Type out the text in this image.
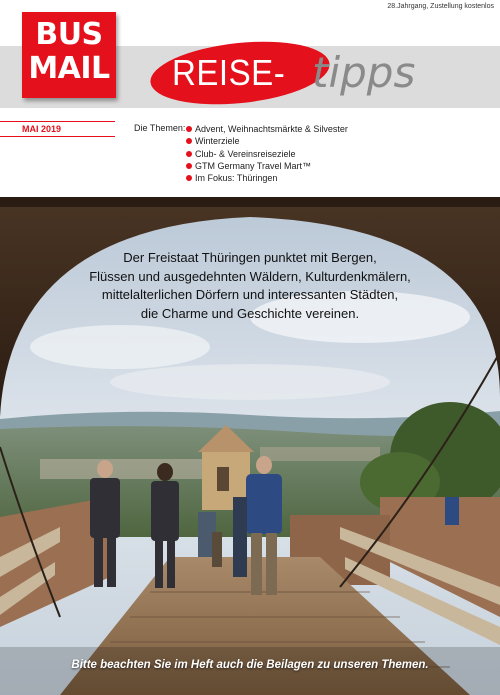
28.Jahrgang, Zustellung kostenlos
BUS
MAIL REISE- tipps
MAI 2019	Die Themen:	Advent, Weihnachtsmärkte & Silvester
Winterziele
Club- & Vereinsreiseziele
GTM Germany Travel Mart™
Im Fokus: Thüringen
Der Freistaat Thüringen punktet mit Bergen,
Flüssen und ausgedehnten Wäldern, Kulturdenkmälern,
mittelalterlichen Dörfern und interessanten Städten,
die Charme und Geschichte vereinen.
Bitte beachten Sie im Heft auch die Beilagen zu unseren Themen.
